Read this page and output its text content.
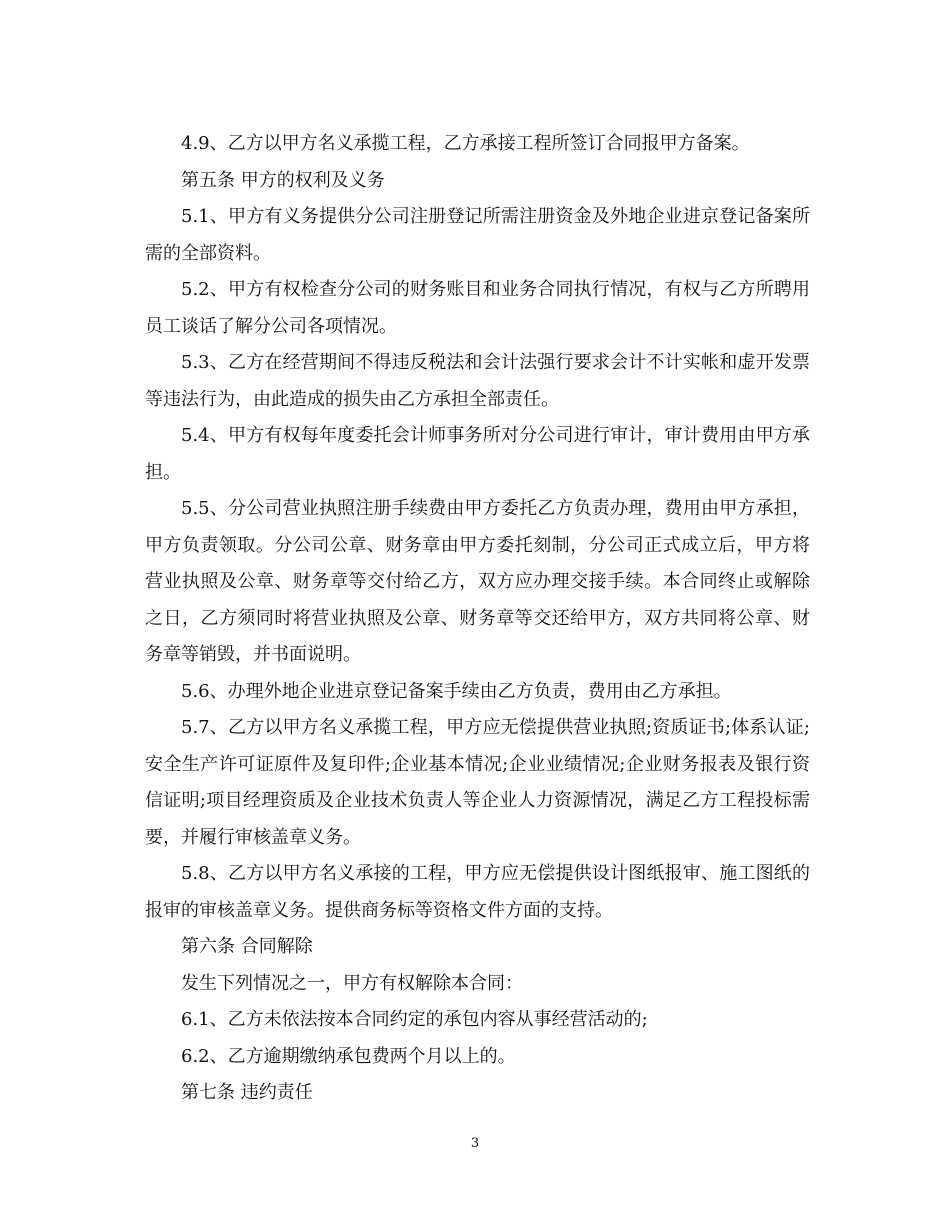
4.9、乙方以甲方名义承揽工程，乙方承接工程所签订合同报甲方备案。

第五条 甲方的权利及义务

5.1、甲方有义务提供分公司注册登记所需注册资金及外地企业进京登记备案所需的全部资料。

5.2、甲方有权检查分公司的财务账目和业务合同执行情况，有权与乙方所聘用员工谈话了解分公司各项情况。

5.3、乙方在经营期间不得违反税法和会计法强行要求会计不计实帐和虚开发票等违法行为，由此造成的损失由乙方承担全部责任。

5.4、甲方有权每年度委托会计师事务所对分公司进行审计，审计费用由甲方承担。

5.5、分公司营业执照注册手续费由甲方委托乙方负责办理，费用由甲方承担，甲方负责领取。分公司公章、财务章由甲方委托刻制，分公司正式成立后，甲方将营业执照及公章、财务章等交付给乙方，双方应办理交接手续。本合同终止或解除之日，乙方须同时将营业执照及公章、财务章等交还给甲方，双方共同将公章、财务章等销毁，并书面说明。

5.6、办理外地企业进京登记备案手续由乙方负责，费用由乙方承担。

5.7、乙方以甲方名义承揽工程，甲方应无偿提供营业执照;资质证书;体系认证;安全生产许可证原件及复印件;企业基本情况;企业业绩情况;企业财务报表及银行资信证明;项目经理资质及企业技术负责人等企业人力资源情况，满足乙方工程投标需要，并履行审核盖章义务。

5.8、乙方以甲方名义承接的工程，甲方应无偿提供设计图纸报审、施工图纸的报审的审核盖章义务。提供商务标等资格文件方面的支持。

第六条 合同解除

发生下列情况之一，甲方有权解除本合同：

6.1、乙方未依法按本合同约定的承包内容从事经营活动的;

6.2、乙方逾期缴纳承包费两个月以上的。

第七条 违约责任

3
